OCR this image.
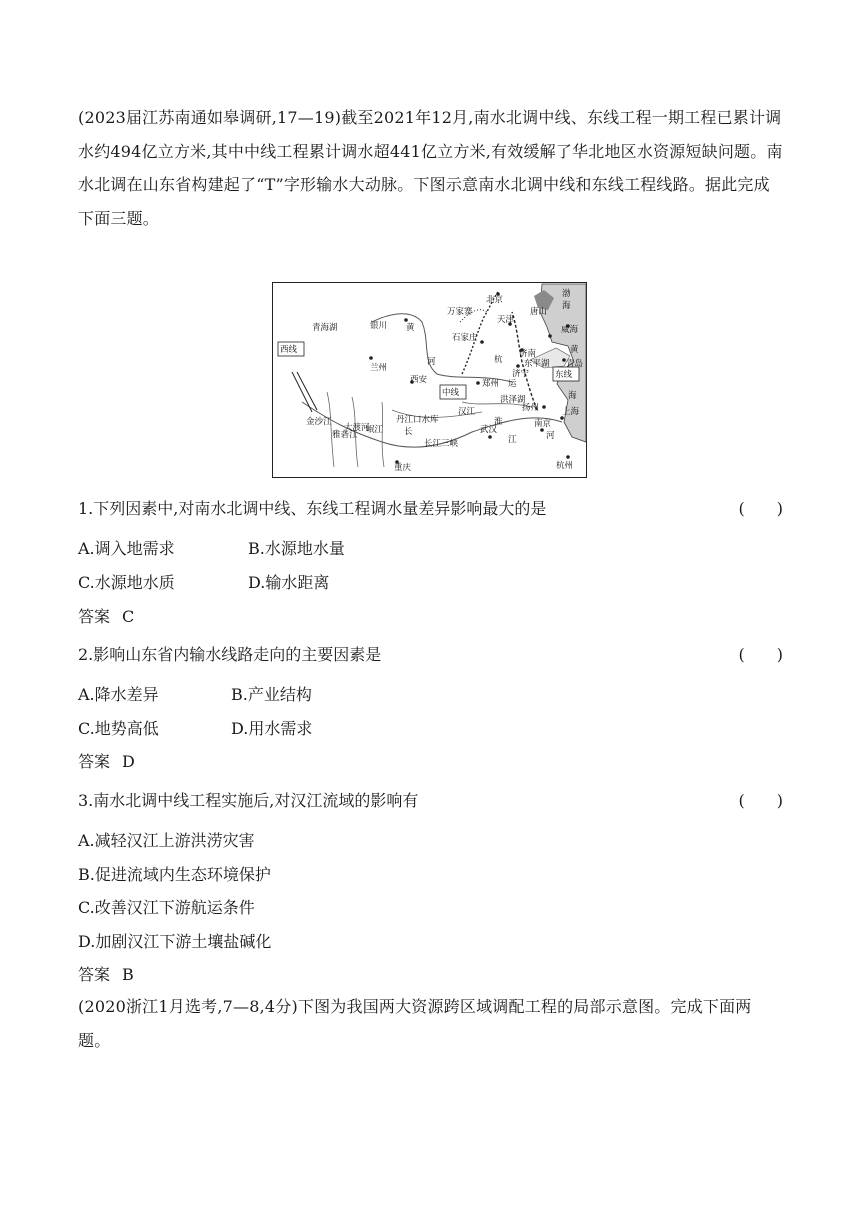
(2023届江苏南通如皋调研,17—19)截至2021年12月,南水北调中线、东线工程一期工程已累计调水约494亿立方米,其中中线工程累计调水超441亿立方米,有效缓解了华北地区水资源短缺问题。南水北调在山东省构建起了“T”字形输水大动脉。下图示意南水北调中线和东线工程线路。据此完成下面三题。
北京
天津
唐山
渤
海
万家寨
青海湖	银川 黄
石家庄
威海
济南
东平湖
济宁
黄
青岛
杭
兰州
河
西安	郑州 运
洪泽湖
扬州
海
西线
中线
东线
金沙江
雅砻江
大渡河
岷江
丹江口水库
汉江
淮
长	武汉
南京
上海
长江三峡	江	河
重庆	杭州
1.下列因素中,对南水北调中线、东线工程调水量差异影响最大的是	(　　)
A.调入地需求	B.水源地水量
C.水源地水质	D.输水距离
答案 C
2.影响山东省内输水线路走向的主要因素是	(　　)
A.降水差异	B.产业结构
C.地势高低	D.用水需求
答案 D
3.南水北调中线工程实施后,对汉江流域的影响有	(　　)
A.减轻汉江上游洪涝灾害
B.促进流域内生态环境保护
C.改善汉江下游航运条件
D.加剧汉江下游土壤盐碱化
答案 B
(2020浙江1月选考,7—8,4分)下图为我国两大资源跨区域调配工程的局部示意图。完成下面两题。
